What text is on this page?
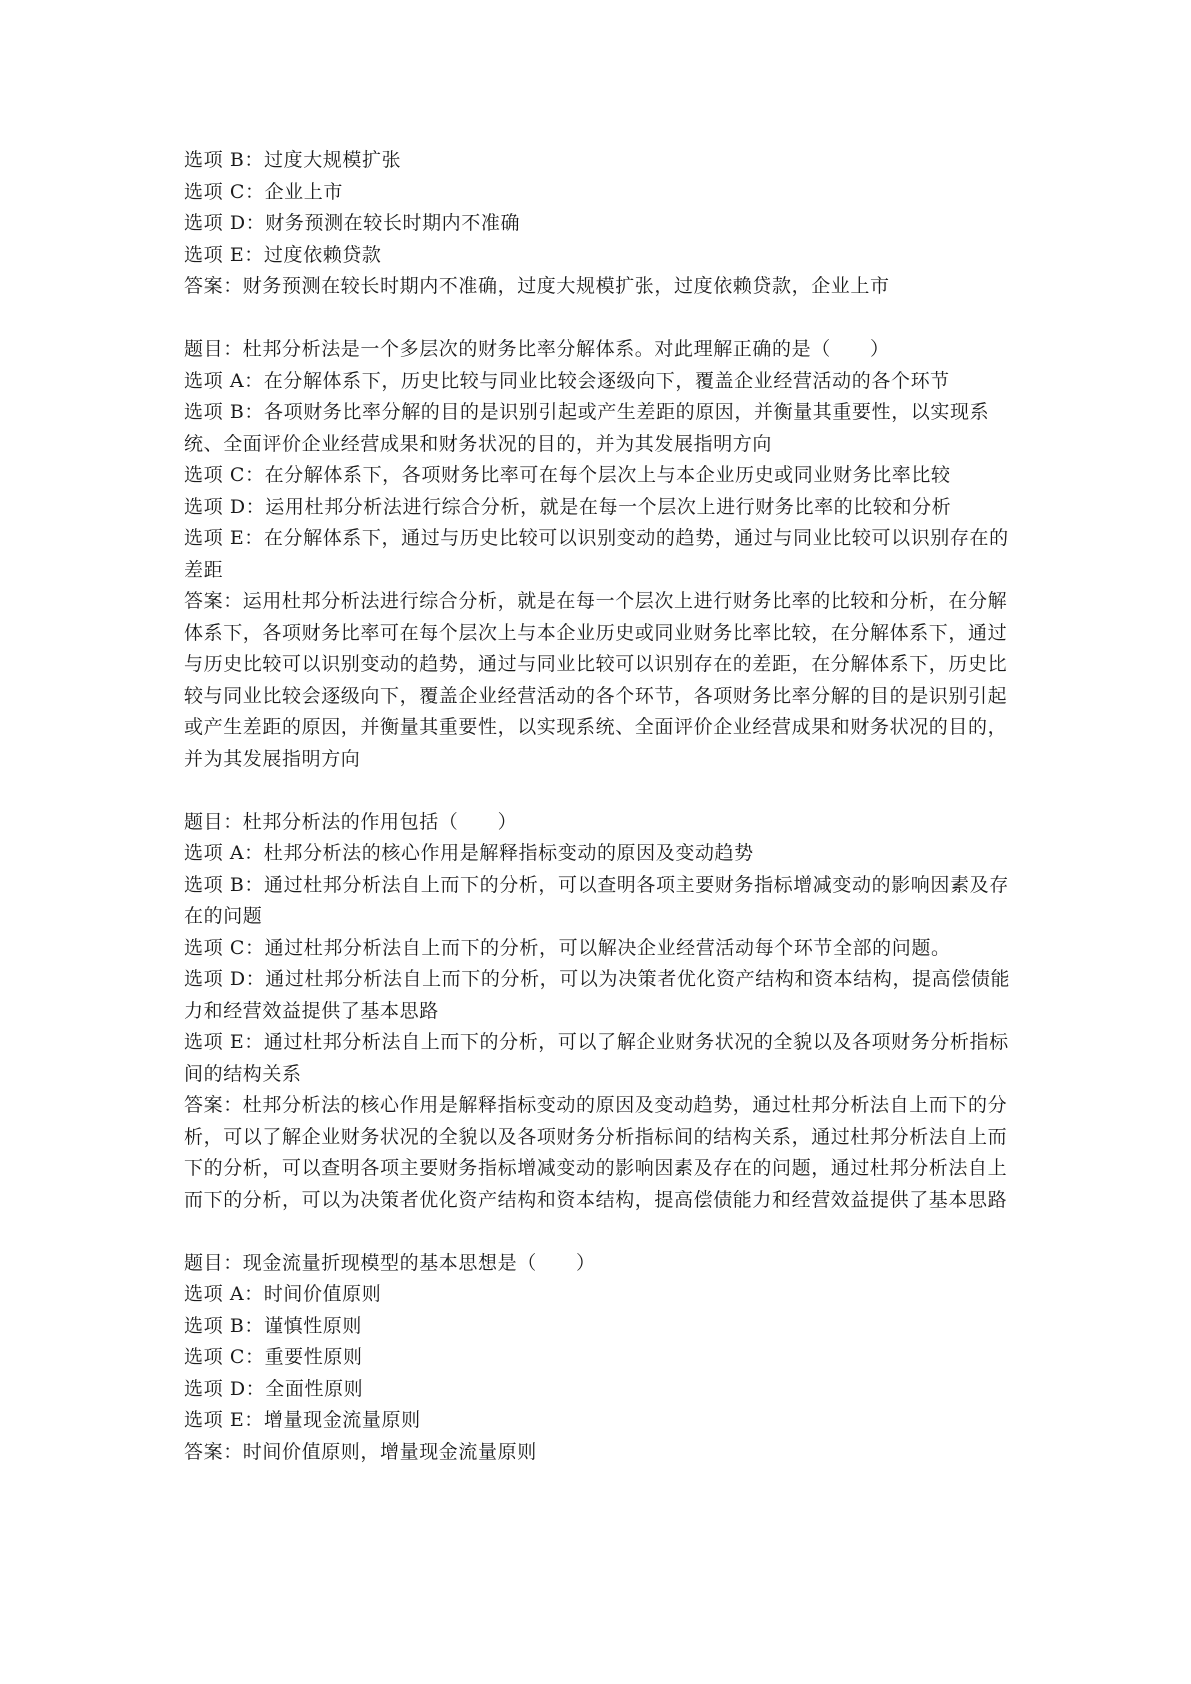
选项 B：过度大规模扩张

选项 C：企业上市

选项 D：财务预测在较长时期内不准确

选项 E：过度依赖贷款

答案：财务预测在较长时期内不准确，过度大规模扩张，过度依赖贷款，企业上市

题目：杜邦分析法是一个多层次的财务比率分解体系。对此理解正确的是（　　）

选项 A：在分解体系下，历史比较与同业比较会逐级向下，覆盖企业经营活动的各个环节

选项 B：各项财务比率分解的目的是识别引起或产生差距的原因，并衡量其重要性，以实现系统、全面评价企业经营成果和财务状况的目的，并为其发展指明方向

选项 C：在分解体系下，各项财务比率可在每个层次上与本企业历史或同业财务比率比较

选项 D：运用杜邦分析法进行综合分析，就是在每一个层次上进行财务比率的比较和分析

选项 E：在分解体系下，通过与历史比较可以识别变动的趋势，通过与同业比较可以识别存在的差距

答案：运用杜邦分析法进行综合分析，就是在每一个层次上进行财务比率的比较和分析，在分解体系下，各项财务比率可在每个层次上与本企业历史或同业财务比率比较，在分解体系下，通过与历史比较可以识别变动的趋势，通过与同业比较可以识别存在的差距，在分解体系下，历史比较与同业比较会逐级向下，覆盖企业经营活动的各个环节，各项财务比率分解的目的是识别引起或产生差距的原因，并衡量其重要性，以实现系统、全面评价企业经营成果和财务状况的目的，并为其发展指明方向

题目：杜邦分析法的作用包括（　　）

选项 A：杜邦分析法的核心作用是解释指标变动的原因及变动趋势

选项 B：通过杜邦分析法自上而下的分析，可以查明各项主要财务指标增减变动的影响因素及存在的问题

选项 C：通过杜邦分析法自上而下的分析，可以解决企业经营活动每个环节全部的问题。

选项 D：通过杜邦分析法自上而下的分析，可以为决策者优化资产结构和资本结构，提高偿债能力和经营效益提供了基本思路

选项 E：通过杜邦分析法自上而下的分析，可以了解企业财务状况的全貌以及各项财务分析指标间的结构关系

答案：杜邦分析法的核心作用是解释指标变动的原因及变动趋势，通过杜邦分析法自上而下的分析，可以了解企业财务状况的全貌以及各项财务分析指标间的结构关系，通过杜邦分析法自上而下的分析，可以查明各项主要财务指标增减变动的影响因素及存在的问题，通过杜邦分析法自上而下的分析，可以为决策者优化资产结构和资本结构，提高偿债能力和经营效益提供了基本思路

题目：现金流量折现模型的基本思想是（　　）

选项 A：时间价值原则

选项 B：谨慎性原则

选项 C：重要性原则

选项 D：全面性原则

选项 E：增量现金流量原则

答案：时间价值原则，增量现金流量原则
